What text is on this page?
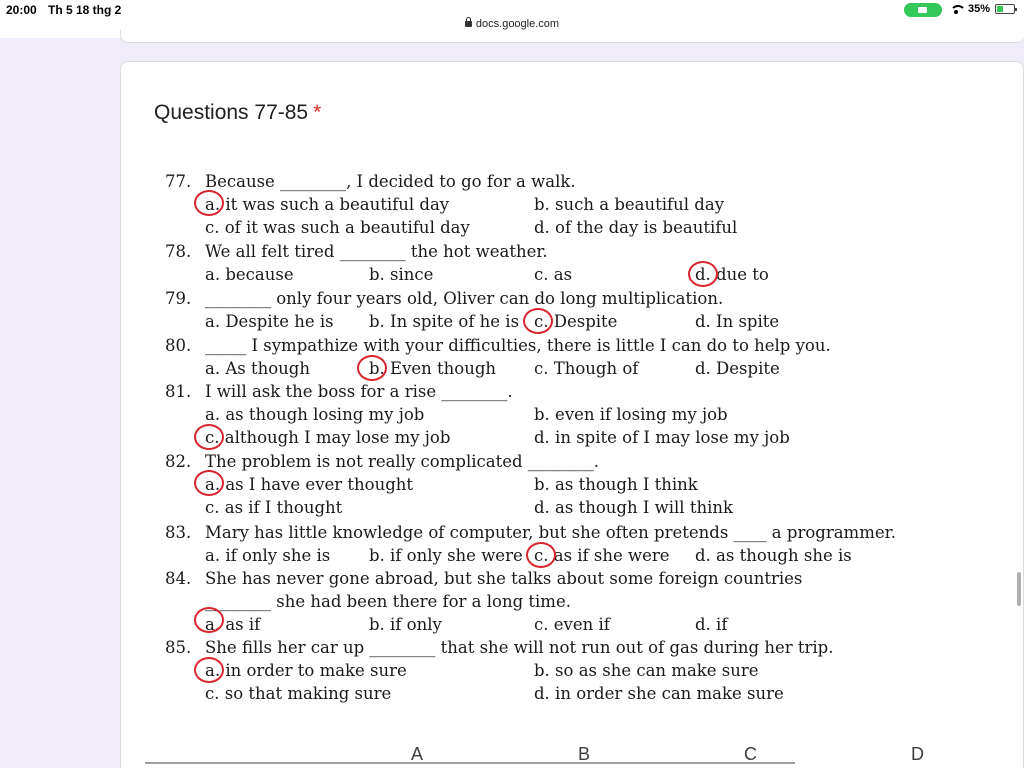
20:00 Th 5 18 thg 2
docs.google.com
35%
Questions 77-85 *
77. Because ________, I decided to go for a walk.
a. it was such a beautiful day	b. such a beautiful day
c. of it was such a beautiful day	d. of the day is beautiful
78. We all felt tired ________ the hot weather.
a. because	b. since	c. as	d. due to
79. ________ only four years old, Oliver can do long multiplication.
a. Despite he is b. In spite of he is c. Despite	d. In spite
80. _____ I sympathize with your difficulties, there is little I can do to help you.
a. As though	b. Even though c. Though of	d. Despite
81. I will ask the boss for a rise ________.
a. as though losing my job	b. even if losing my job
c. although I may lose my job	d. in spite of I may lose my job
82. The problem is not really complicated ________.
a. as I have ever thought	b. as though I think
c. as if I thought	d. as though I will think
83. Mary has little knowledge of computer, but she often pretends ____ a programmer.
a. if only she is b. if only she were c. as if she were d. as though she is
84. She has never gone abroad, but she talks about some foreign countries
________ she had been there for a long time.
a. as if	b. if only	c. even if	d. if
85. She fills her car up ________ that she will not run out of gas during her trip.
a. in order to make sure	b. so as she can make sure
c. so that making sure	d. in order she can make sure
A	B	C	D
